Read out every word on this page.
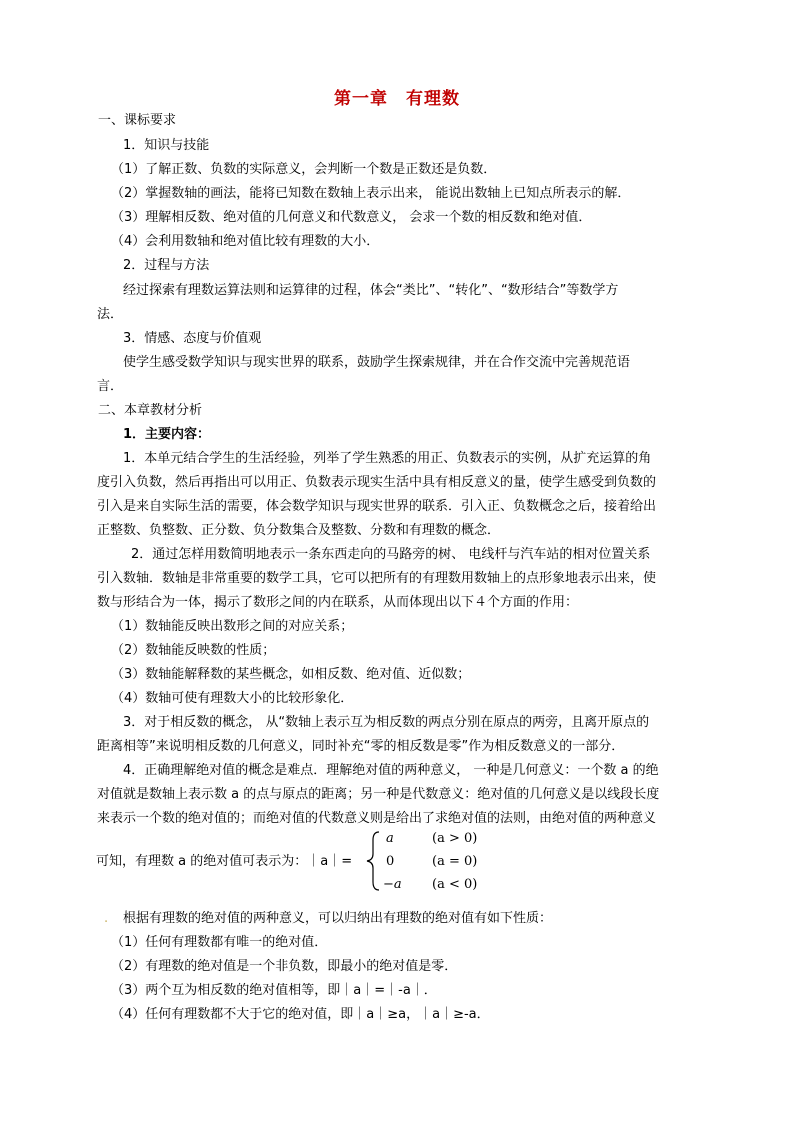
第一章　有理数
一、课标要求
1．知识与技能
（1）了解正数、负数的实际意义，会判断一个数是正数还是负数．
（2）掌握数轴的画法，能将已知数在数轴上表示出来， 能说出数轴上已知点所表示的解．
（3）理解相反数、绝对值的几何意义和代数意义， 会求一个数的相反数和绝对值．
（4）会利用数轴和绝对值比较有理数的大小．
2．过程与方法
经过探索有理数运算法则和运算律的过程，体会“类比”、“转化”、“数形结合”等数学方
法．
3．情感、态度与价值观
使学生感受数学知识与现实世界的联系，鼓励学生探索规律，并在合作交流中完善规范语
言．
二、本章教材分析
1．主要内容：
1．本单元结合学生的生活经验，列举了学生熟悉的用正、负数表示的实例，从扩充运算的角
度引入负数，然后再指出可以用正、负数表示现实生活中具有相反意义的量，使学生感受到负数的
引入是来自实际生活的需要，体会数学知识与现实世界的联系．引入正、负数概念之后，接着给出
正整数、负整数、正分数、负分数集合及整数、分数和有理数的概念．
2．通过怎样用数简明地表示一条东西走向的马路旁的树、 电线杆与汽车站的相对位置关系
引入数轴．数轴是非常重要的数学工具，它可以把所有的有理数用数轴上的点形象地表示出来，使
数与形结合为一体，揭示了数形之间的内在联系，从而体现出以下４个方面的作用：
（1）数轴能反映出数形之间的对应关系；
（2）数轴能反映数的性质；
（3）数轴能解释数的某些概念，如相反数、绝对值、近似数；
（4）数轴可使有理数大小的比较形象化．
3．对于相反数的概念， 从“数轴上表示互为相反数的两点分别在原点的两旁，且离开原点的
距离相等”来说明相反数的几何意义，同时补充“零的相反数是零”作为相反数意义的一部分．
4．正确理解绝对值的概念是难点．理解绝对值的两种意义， 一种是几何意义：一个数 a 的绝
对值就是数轴上表示数 a 的点与原点的距离；另一种是代数意义：绝对值的几何意义是以线段长度
来表示一个数的绝对值的；而绝对值的代数意义则是给出了求绝对值的法则，由绝对值的两种意义
可知，有理数 a 的绝对值可表示为：｜a｜=
a	(a > 0)
0	(a = 0)
−a (a < 0)
. 根据有理数的绝对值的两种意义，可以归纳出有理数的绝对值有如下性质：
（1）任何有理数都有唯一的绝对值．
（2）有理数的绝对值是一个非负数，即最小的绝对值是零．
（3）两个互为相反数的绝对值相等，即｜a｜=｜-a｜．
（4）任何有理数都不大于它的绝对值，即｜a｜≥a，｜a｜≥-a．
